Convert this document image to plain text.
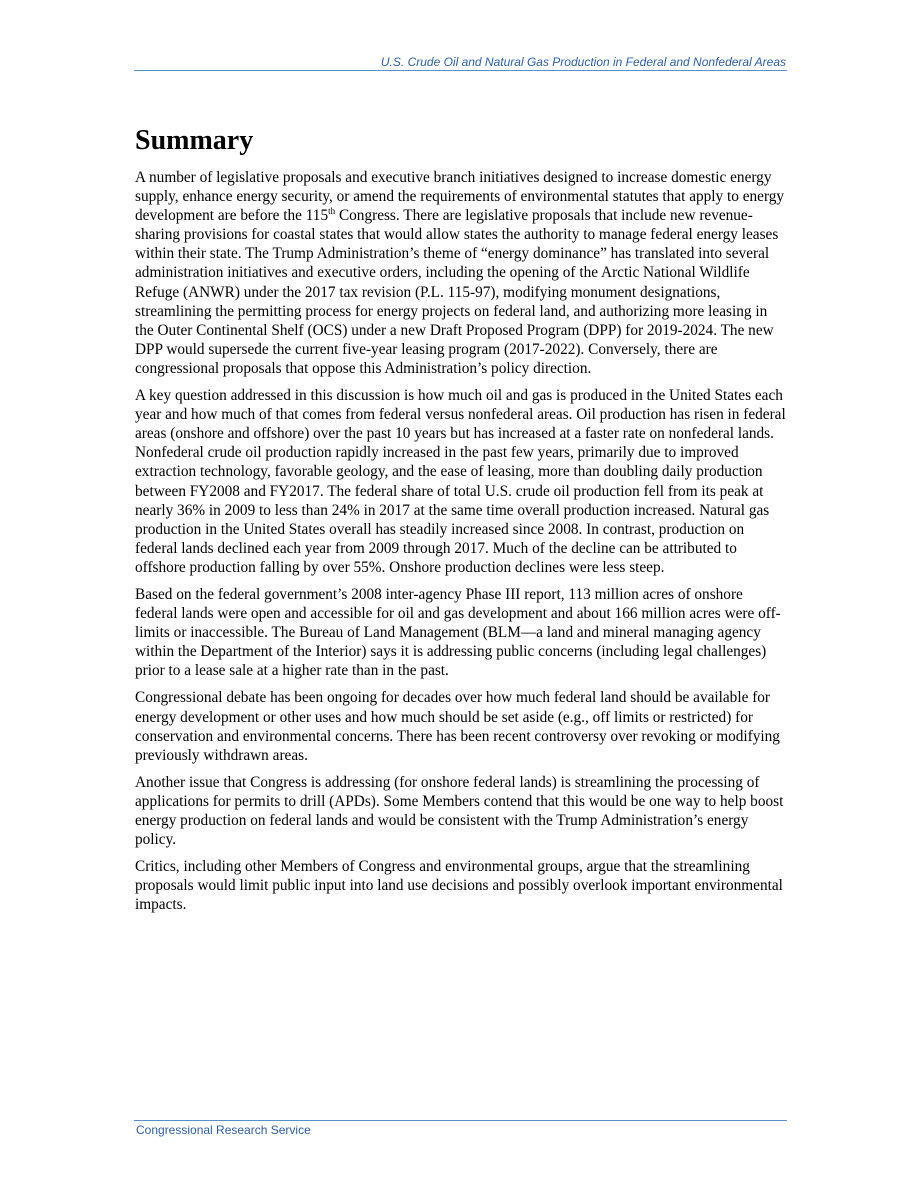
U.S. Crude Oil and Natural Gas Production in Federal and Nonfederal Areas
Summary

A number of legislative proposals and executive branch initiatives designed to increase domestic energy supply, enhance energy security, or amend the requirements of environmental statutes that apply to energy development are before the 115th Congress. There are legislative proposals that include new revenue-sharing provisions for coastal states that would allow states the authority to manage federal energy leases within their state. The Trump Administration’s theme of “energy dominance” has translated into several administration initiatives and executive orders, including the opening of the Arctic National Wildlife Refuge (ANWR) under the 2017 tax revision (P.L. 115-97), modifying monument designations, streamlining the permitting process for energy projects on federal land, and authorizing more leasing in the Outer Continental Shelf (OCS) under a new Draft Proposed Program (DPP) for 2019-2024. The new DPP would supersede the current five-year leasing program (2017-2022). Conversely, there are congressional proposals that oppose this Administration’s policy direction.

A key question addressed in this discussion is how much oil and gas is produced in the United States each year and how much of that comes from federal versus nonfederal areas. Oil production has risen in federal areas (onshore and offshore) over the past 10 years but has increased at a faster rate on nonfederal lands. Nonfederal crude oil production rapidly increased in the past few years, primarily due to improved extraction technology, favorable geology, and the ease of leasing, more than doubling daily production between FY2008 and FY2017. The federal share of total U.S. crude oil production fell from its peak at nearly 36% in 2009 to less than 24% in 2017 at the same time overall production increased. Natural gas production in the United States overall has steadily increased since 2008. In contrast, production on federal lands declined each year from 2009 through 2017. Much of the decline can be attributed to offshore production falling by over 55%. Onshore production declines were less steep.

Based on the federal government’s 2008 inter-agency Phase III report, 113 million acres of onshore federal lands were open and accessible for oil and gas development and about 166 million acres were off-limits or inaccessible. The Bureau of Land Management (BLM—a land and mineral managing agency within the Department of the Interior) says it is addressing public concerns (including legal challenges) prior to a lease sale at a higher rate than in the past.

Congressional debate has been ongoing for decades over how much federal land should be available for energy development or other uses and how much should be set aside (e.g., off limits or restricted) for conservation and environmental concerns. There has been recent controversy over revoking or modifying previously withdrawn areas.

Another issue that Congress is addressing (for onshore federal lands) is streamlining the processing of applications for permits to drill (APDs). Some Members contend that this would be one way to help boost energy production on federal lands and would be consistent with the Trump Administration’s energy policy.

Critics, including other Members of Congress and environmental groups, argue that the streamlining proposals would limit public input into land use decisions and possibly overlook important environmental impacts.

Congressional Research Service
